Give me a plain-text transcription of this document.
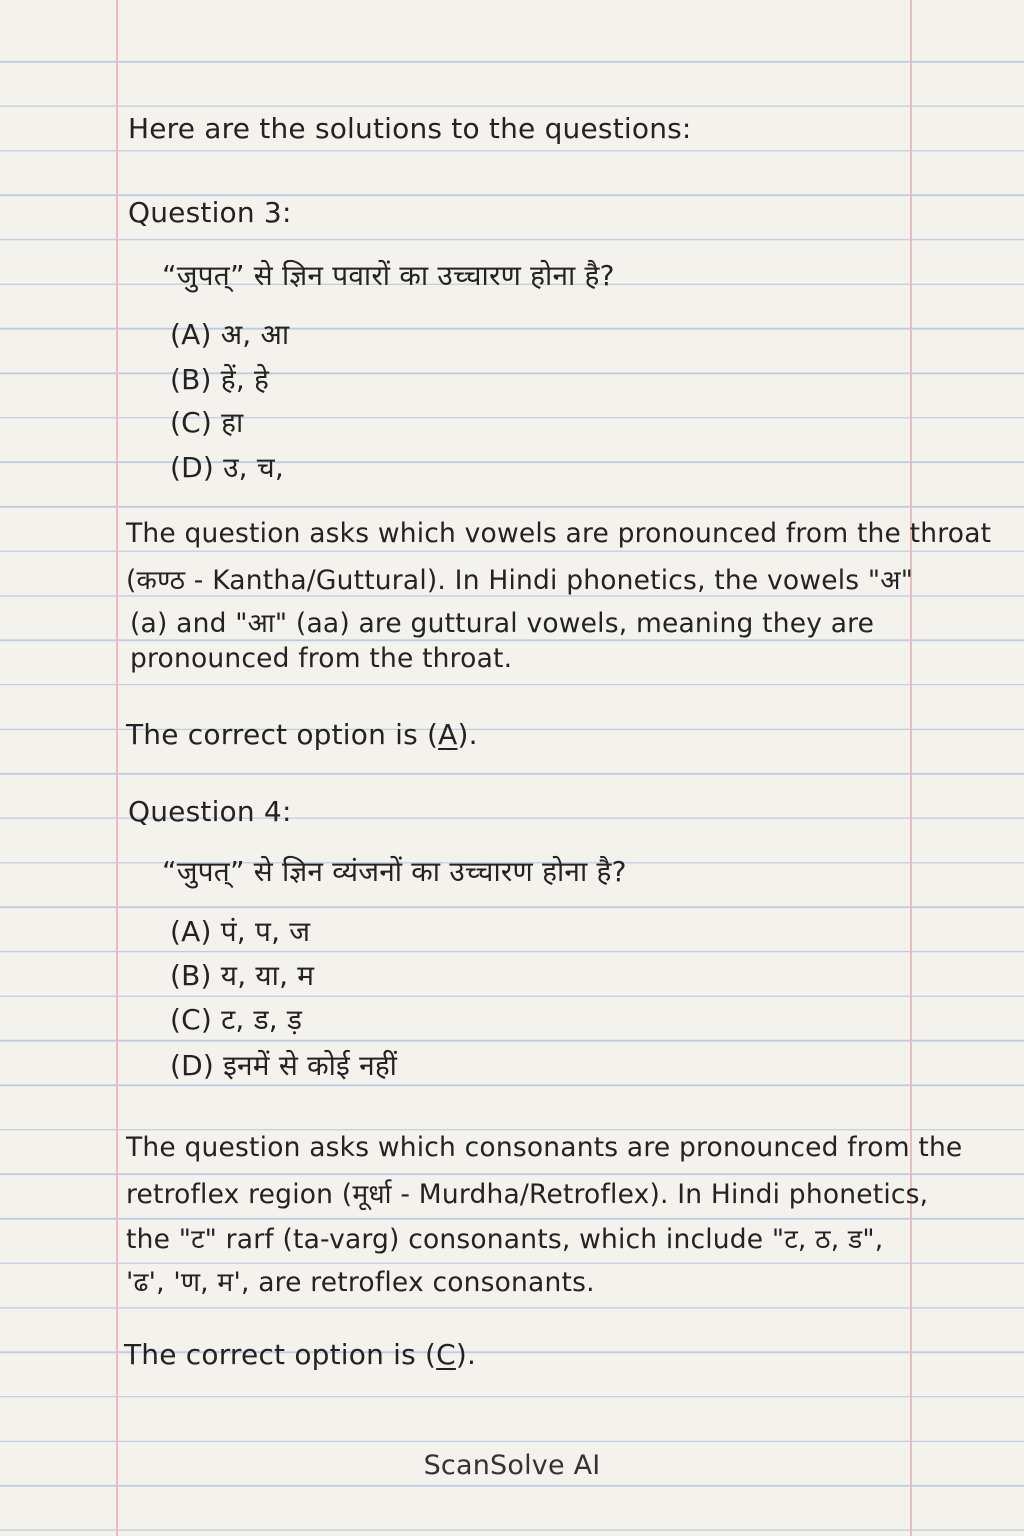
Here are the solutions to the questions:

Question 3:

“जुपत्” से ज्ञिन पवारों का उच्चारण होना है?

(A) अ, आ

(B) हें, हे

(C) हा

(D) उ, च,

The question asks which vowels are pronounced from the throat

(कण्ठ - Kantha/Guttural). In Hindi phonetics, the vowels "अ"

(a) and "आ" (aa) are guttural vowels, meaning they are

pronounced from the throat.

The correct option is (A).

Question 4:

“जुपत्” से ज्ञिन व्यंजनों का उच्चारण होना है?

(A) पं, प, ज

(B) य, या, म

(C) ट, ड, ड़

(D) इनमें से कोई नहीं

The question asks which consonants are pronounced from the

retroflex region (मूर्धा - Murdha/Retroflex). In Hindi phonetics,

the "ट" rarf (ta-varg) consonants, which include "ट, ठ, ड",

'ढ', 'ण, म', are retroflex consonants.

The correct option is (C).

ScanSolve AI
